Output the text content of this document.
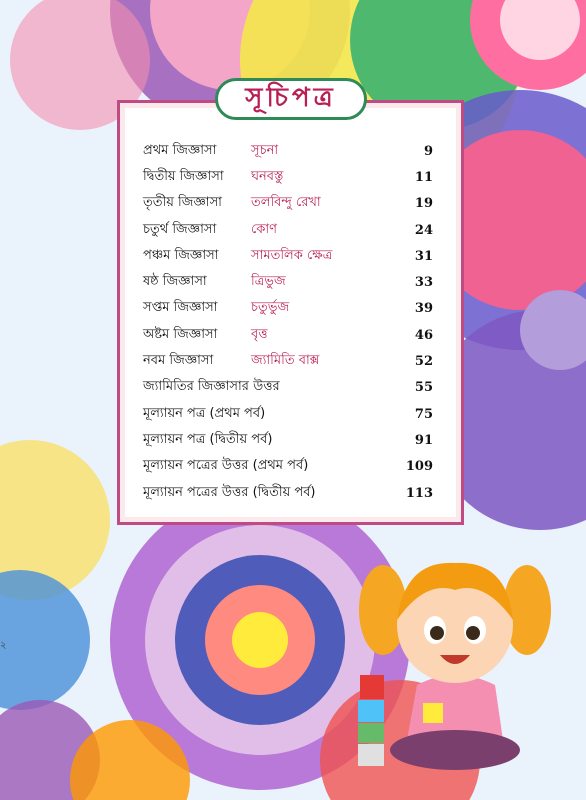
সূচিপত্র
প্রথম জিজ্ঞাসা	সূচনা	9
দ্বিতীয় জিজ্ঞাসা	ঘনবস্তু	11
তৃতীয় জিজ্ঞাসা	তলবিন্দু রেখা	19
চতুর্থ জিজ্ঞাসা	কোণ	24
পঞ্চম জিজ্ঞাসা	সামতলিক ক্ষেত্র	31
ষষ্ঠ জিজ্ঞাসা	ত্রিভুজ	33
সপ্তম জিজ্ঞাসা	চতুর্ভুজ	39
অষ্টম জিজ্ঞাসা	বৃত্ত	46
নবম জিজ্ঞাসা	জ্যামিতি বাক্স	52
জ্যামিতির জিজ্ঞাসার উত্তর	55
মূল্যায়ন পত্র (প্রথম পর্ব)	75
মূল্যায়ন পত্র (দ্বিতীয় পর্ব)	91
মূল্যায়ন পত্রের উত্তর (প্রথম পর্ব)	109
মূল্যায়ন পত্রের উত্তর (দ্বিতীয় পর্ব)	113
২
